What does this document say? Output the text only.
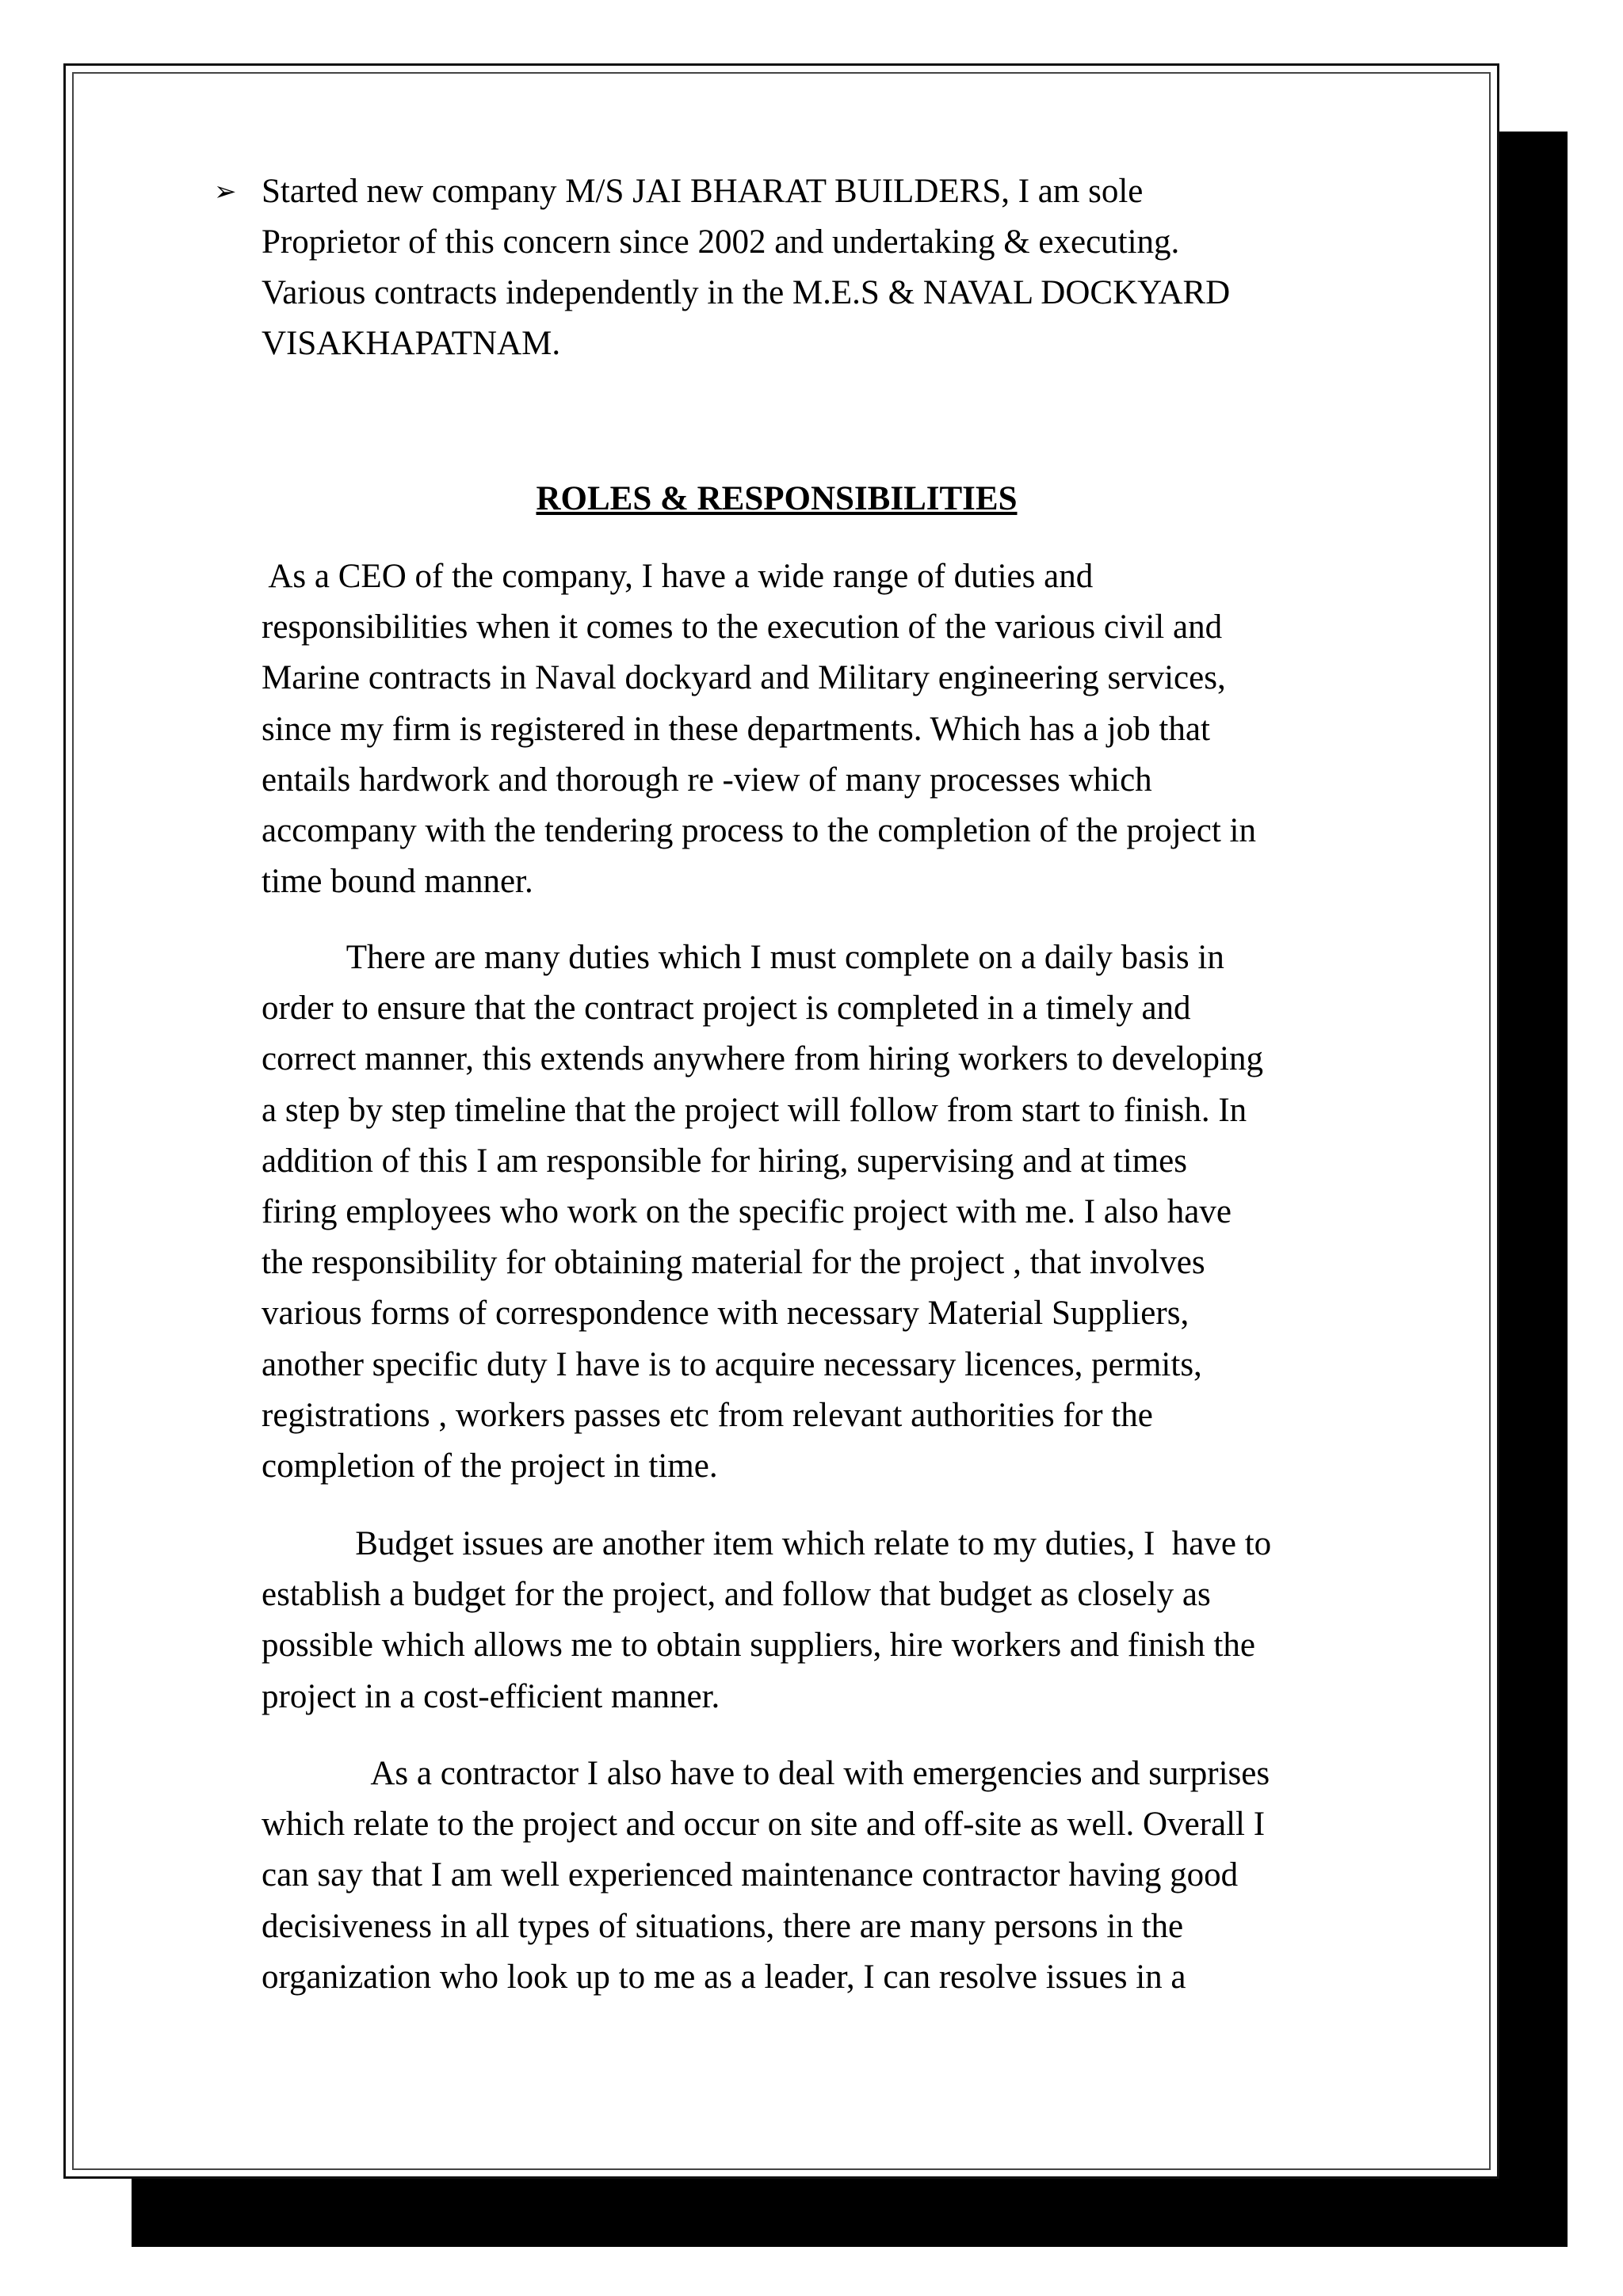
➢ Started new company M/S JAI BHARAT BUILDERS, I am sole
Proprietor of this concern since 2002 and undertaking & executing.
Various contracts independently in the M.E.S & NAVAL DOCKYARD
VISAKHAPATNAM.
ROLES & RESPONSIBILITIES
As a CEO of the company, I have a wide range of duties and
responsibilities when it comes to the execution of the various civil and
Marine contracts in Naval dockyard and Military engineering services,
since my firm is registered in these departments. Which has a job that
entails hardwork and thorough re -view of many processes which
accompany with the tendering process to the completion of the project in
time bound manner.
There are many duties which I must complete on a daily basis in
order to ensure that the contract project is completed in a timely and
correct manner, this extends anywhere from hiring workers to developing
a step by step timeline that the project will follow from start to finish. In
addition of this I am responsible for hiring, supervising and at times
firing employees who work on the specific project with me. I also have
the responsibility for obtaining material for the project , that involves
various forms of correspondence with necessary Material Suppliers,
another specific duty I have is to acquire necessary licences, permits,
registrations , workers passes etc from relevant authorities for the
completion of the project in time.
Budget issues are another item which relate to my duties, I  have to
establish a budget for the project, and follow that budget as closely as
possible which allows me to obtain suppliers, hire workers and finish the
project in a cost-efficient manner.
As a contractor I also have to deal with emergencies and surprises
which relate to the project and occur on site and off-site as well. Overall I
can say that I am well experienced maintenance contractor having good
decisiveness in all types of situations, there are many persons in the
organization who look up to me as a leader, I can resolve issues in a
